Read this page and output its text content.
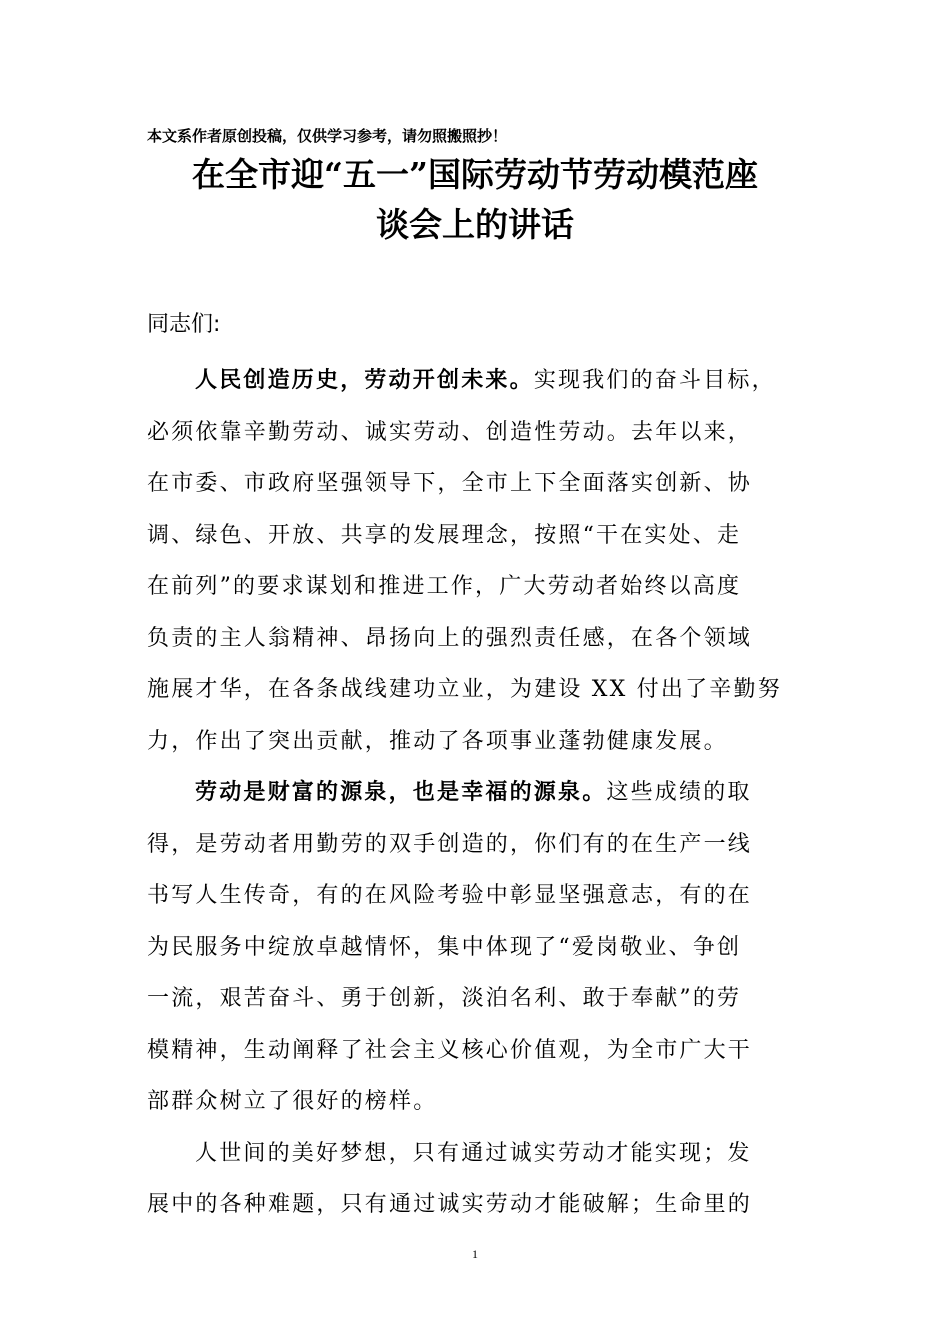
本文系作者原创投稿，仅供学习参考，请勿照搬照抄！
在全市迎“五一”国际劳动节劳动模范座
谈会上的讲话
同志们:
人民创造历史，劳动开创未来。实现我们的奋斗目标，
必须依靠辛勤劳动、诚实劳动、创造性劳动。去年以来，
在市委、市政府坚强领导下，全市上下全面落实创新、协
调、绿色、开放、共享的发展理念，按照“干在实处、走
在前列”的要求谋划和推进工作，广大劳动者始终以高度
负责的主人翁精神、昂扬向上的强烈责任感，在各个领域
施展才华，在各条战线建功立业，为建设 XX 付出了辛勤努
力，作出了突出贡献，推动了各项事业蓬勃健康发展。
劳动是财富的源泉，也是幸福的源泉。这些成绩的取
得，是劳动者用勤劳的双手创造的，你们有的在生产一线
书写人生传奇，有的在风险考验中彰显坚强意志，有的在
为民服务中绽放卓越情怀，集中体现了“爱岗敬业、争创
一流，艰苦奋斗、勇于创新，淡泊名利、敢于奉献”的劳
模精神，生动阐释了社会主义核心价值观，为全市广大干
部群众树立了很好的榜样。
人世间的美好梦想，只有通过诚实劳动才能实现；发
展中的各种难题，只有通过诚实劳动才能破解；生命里的
1
